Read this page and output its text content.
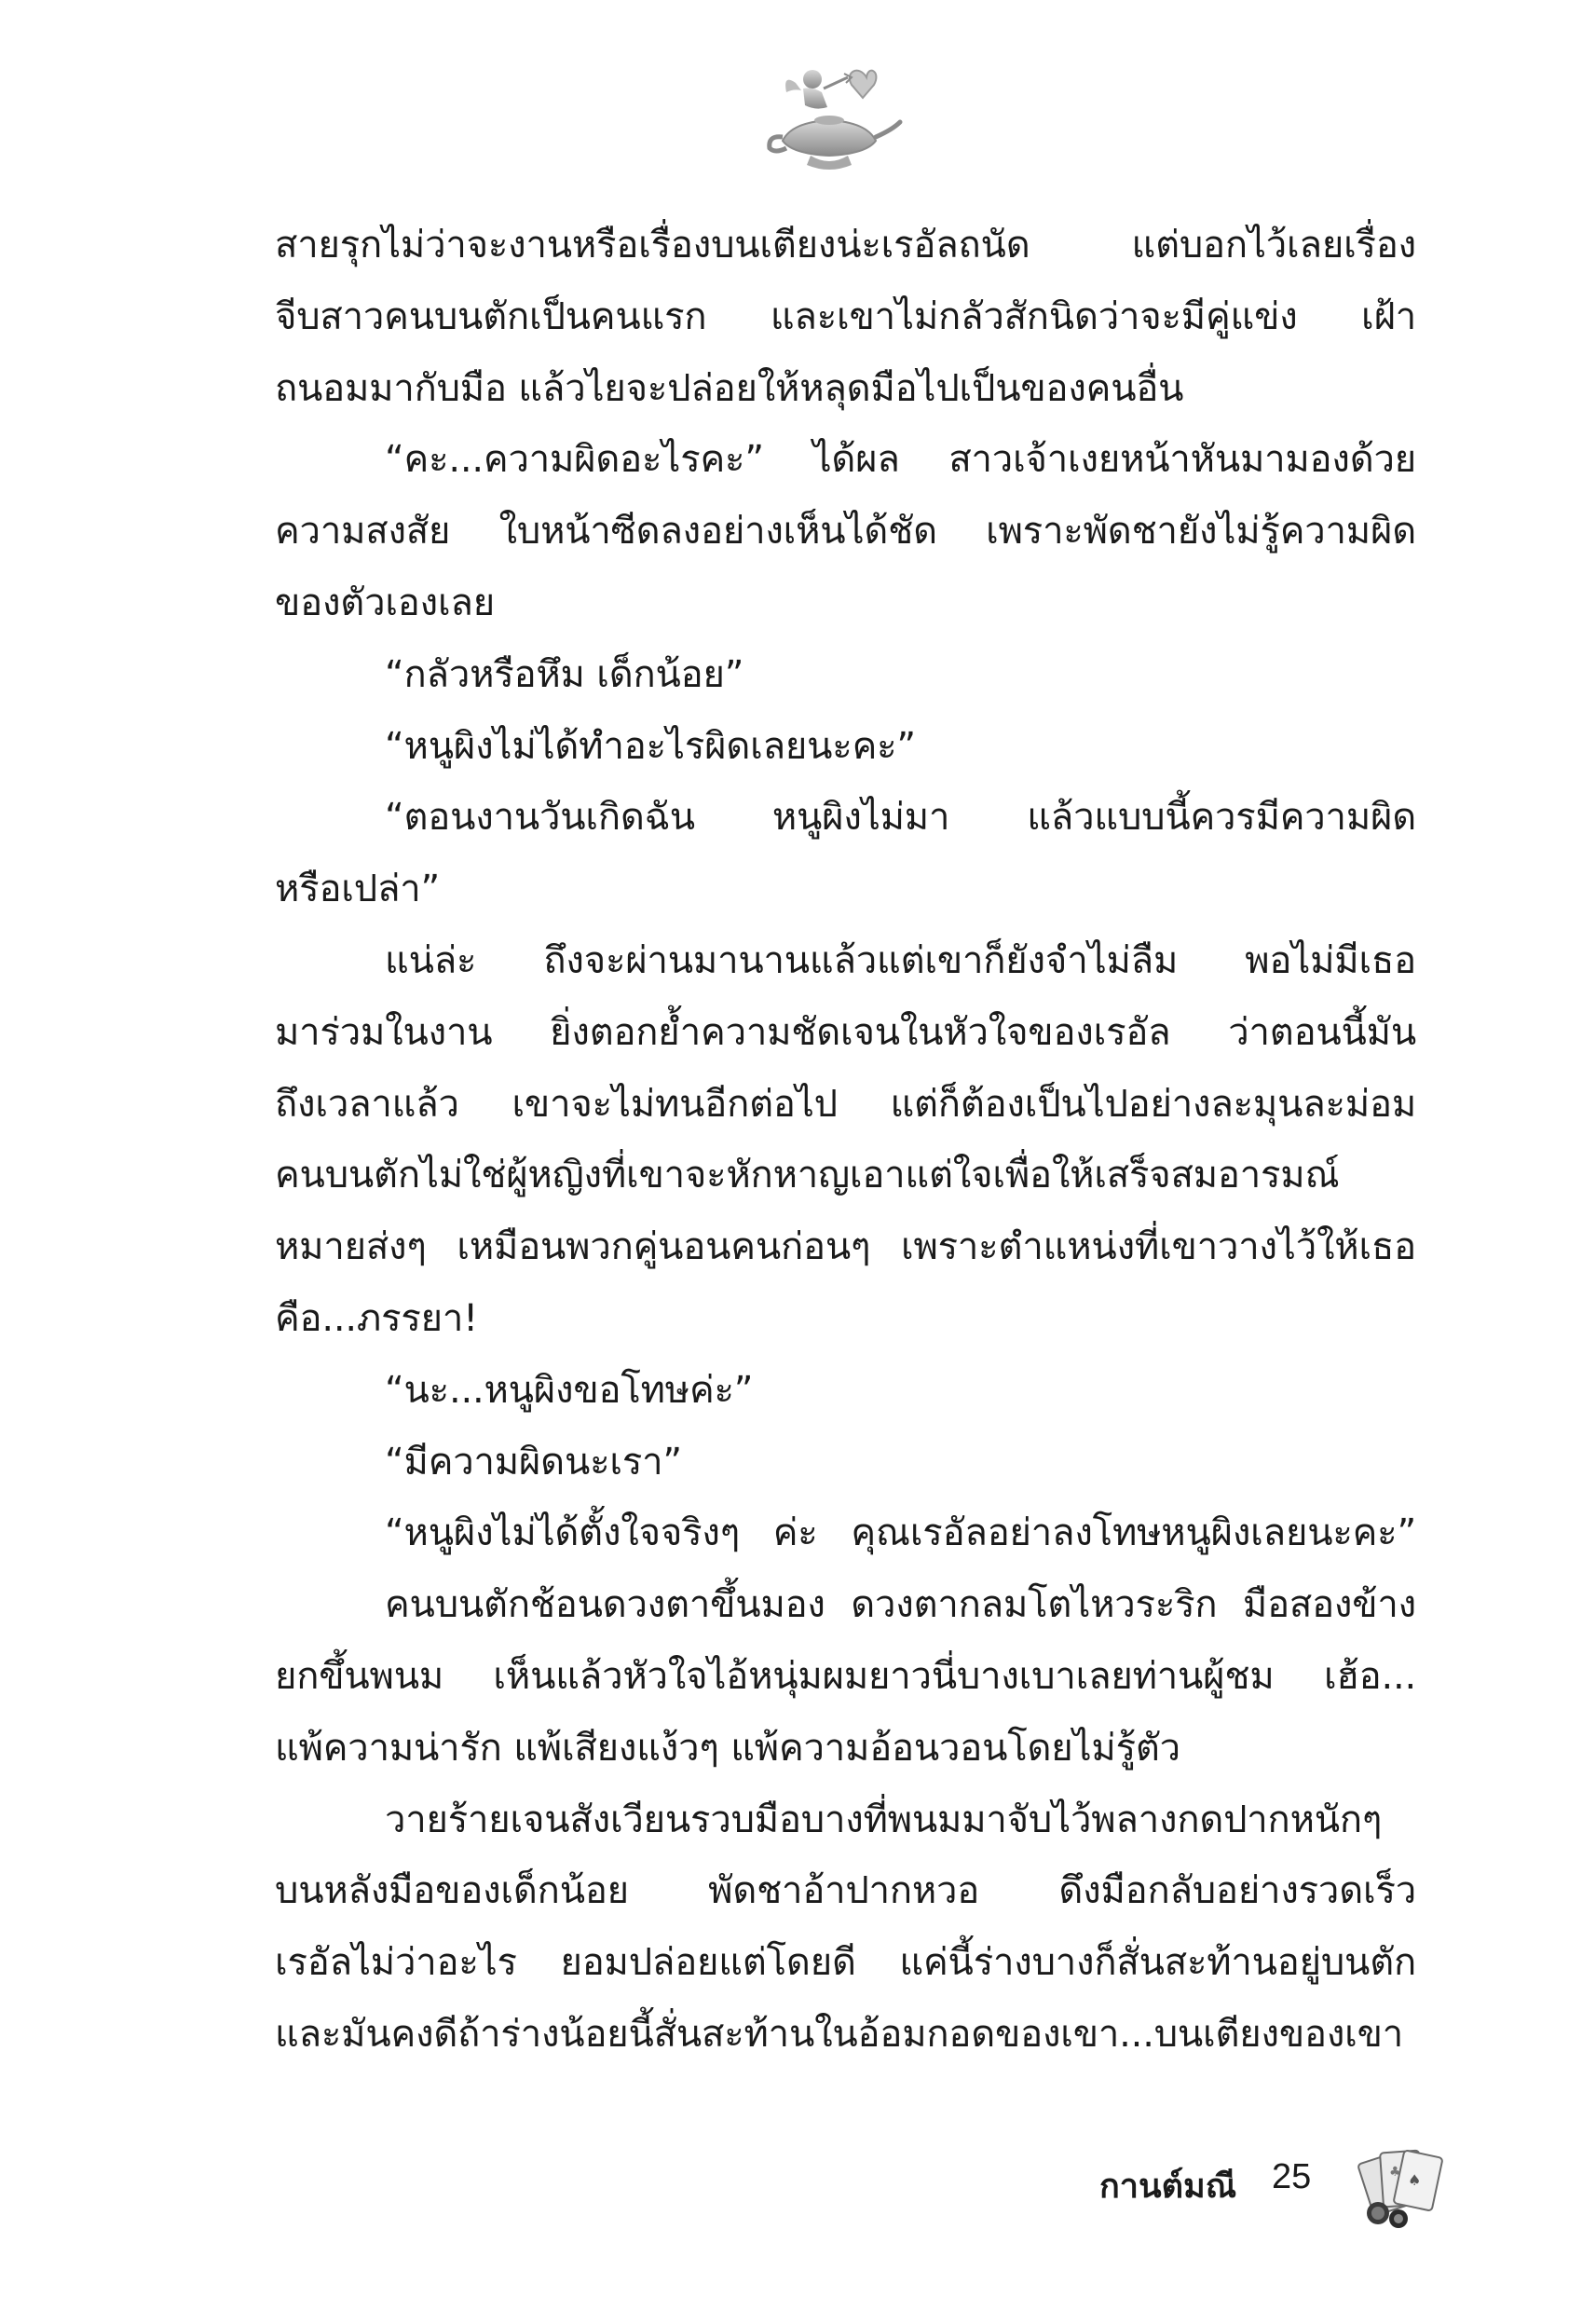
สายรุกไม่ว่าจะงานหรือเรื่องบนเตียงน่ะเรอัลถนัด แต่บอกไว้เลยเรื่อง
จีบสาวคนบนตักเป็นคนแรก และเขาไม่กลัวสักนิดว่าจะมีคู่แข่ง เฝ้า
ถนอมมากับมือ แล้วไยจะปล่อยให้หลุดมือไปเป็นของคนอื่น
“คะ...ความผิดอะไรคะ” ได้ผล สาวเจ้าเงยหน้าหันมามองด้วย
ความสงสัย ใบหน้าซีดลงอย่างเห็นได้ชัด เพราะพัดชายังไม่รู้ความผิด
ของตัวเองเลย
“กลัวหรือหึม เด็กน้อย”
“หนูผิงไม่ได้ทำอะไรผิดเลยนะคะ”
“ตอนงานวันเกิดฉัน หนูผิงไม่มา แล้วแบบนี้ควรมีความผิด
หรือเปล่า”
แน่ล่ะ ถึงจะผ่านมานานแล้วแต่เขาก็ยังจำไม่ลืม พอไม่มีเธอ
มาร่วมในงาน ยิ่งตอกย้ำความชัดเจนในหัวใจของเรอัล ว่าตอนนี้มัน
ถึงเวลาแล้ว เขาจะไม่ทนอีกต่อไป แต่ก็ต้องเป็นไปอย่างละมุนละม่อม
คนบนตักไม่ใช่ผู้หญิงที่เขาจะหักหาญเอาแต่ใจเพื่อให้เสร็จสมอารมณ์
หมายส่งๆ เหมือนพวกคู่นอนคนก่อนๆ เพราะตำแหน่งที่เขาวางไว้ให้เธอ
คือ...ภรรยา!
“นะ...หนูผิงขอโทษค่ะ”
“มีความผิดนะเรา”
“หนูผิงไม่ได้ตั้งใจจริงๆ ค่ะ คุณเรอัลอย่าลงโทษหนูผิงเลยนะคะ”
คนบนตักช้อนดวงตาขึ้นมอง ดวงตากลมโตไหวระริก มือสองข้าง
ยกขึ้นพนม เห็นแล้วหัวใจไอ้หนุ่มผมยาวนี่บางเบาเลยท่านผู้ชม เฮ้อ...
แพ้ความน่ารัก แพ้เสียงแง้วๆ แพ้ความอ้อนวอนโดยไม่รู้ตัว
วายร้ายเจนสังเวียนรวบมือบางที่พนมมาจับไว้พลางกดปากหนักๆ
บนหลังมือของเด็กน้อย พัดชาอ้าปากหวอ ดึงมือกลับอย่างรวดเร็ว
เรอัลไม่ว่าอะไร ยอมปล่อยแต่โดยดี แค่นี้ร่างบางก็สั่นสะท้านอยู่บนตัก
และมันคงดีถ้าร่างน้อยนี้สั่นสะท้านในอ้อมกอดของเขา...บนเตียงของเขา
กานต์มณี 25	♠
♣
